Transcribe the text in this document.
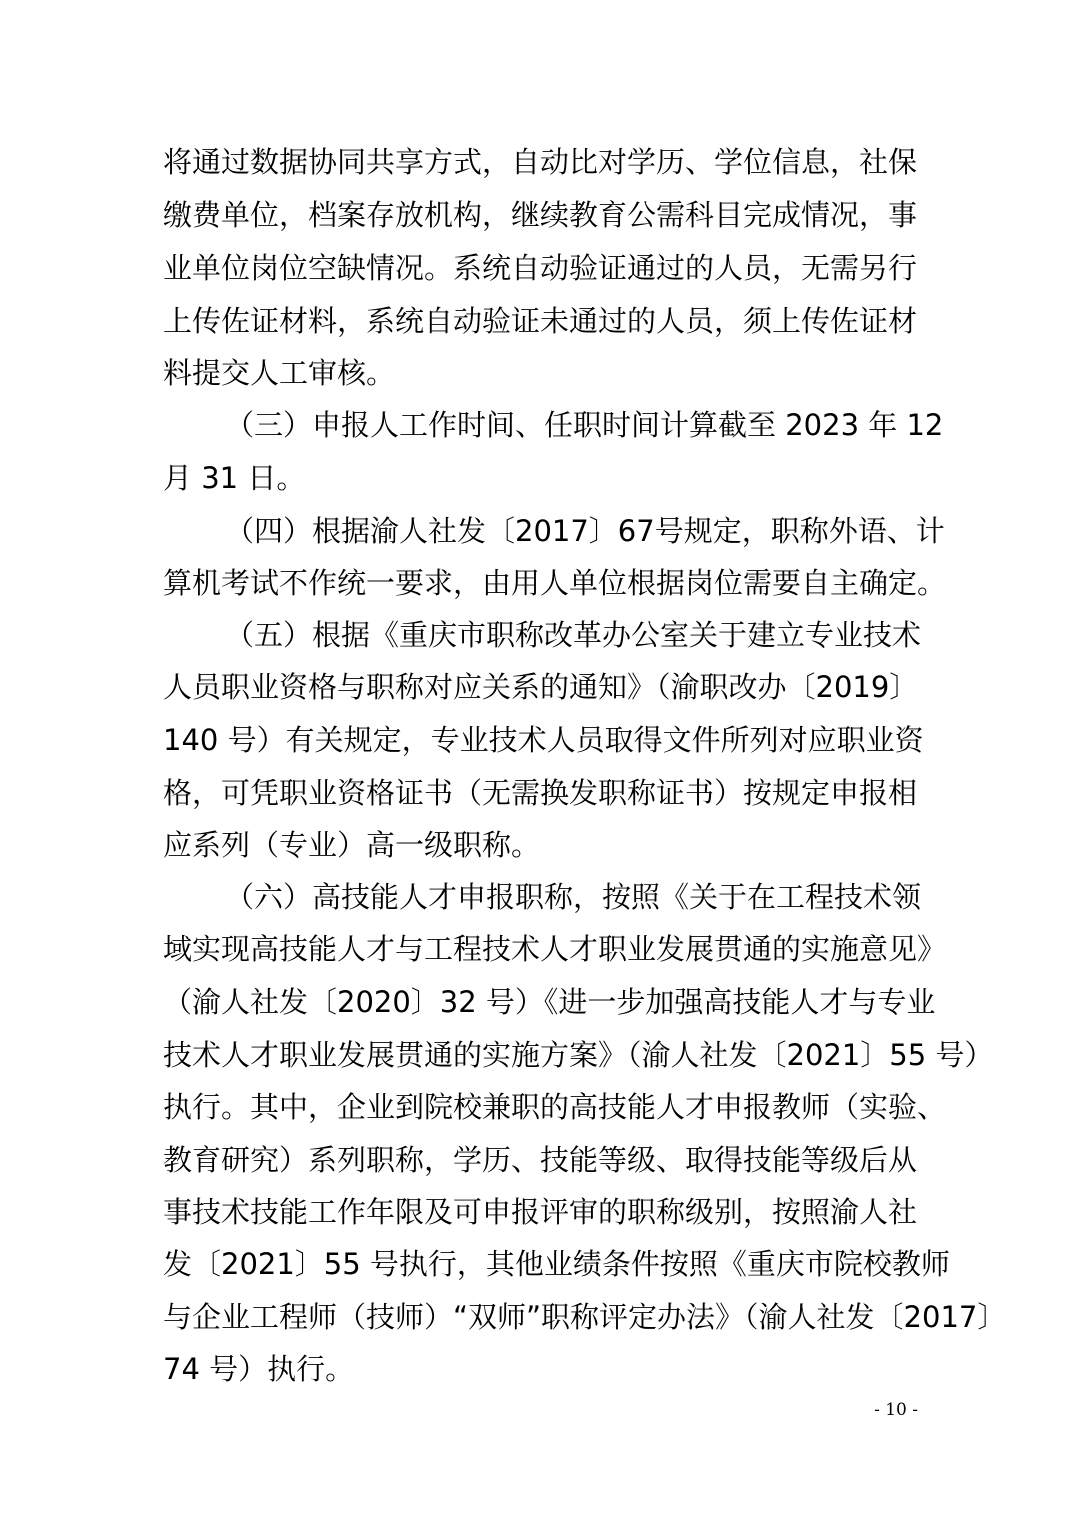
将通过数据协同共享方式，自动比对学历、学位信息，社保
缴费单位，档案存放机构，继续教育公需科目完成情况，事
业单位岗位空缺情况。系统自动验证通过的人员，无需另行
上传佐证材料，系统自动验证未通过的人员，须上传佐证材
料提交人工审核。
（三）申报人工作时间、任职时间计算截至 2023 年 12
月 31 日。
（四）根据渝人社发〔2017〕67号规定，职称外语、计
算机考试不作统一要求，由用人单位根据岗位需要自主确定。
（五）根据《重庆市职称改革办公室关于建立专业技术
人员职业资格与职称对应关系的通知》（渝职改办〔2019〕
140 号）有关规定，专业技术人员取得文件所列对应职业资
格，可凭职业资格证书（无需换发职称证书）按规定申报相
应系列（专业）高一级职称。
（六）高技能人才申报职称，按照《关于在工程技术领
域实现高技能人才与工程技术人才职业发展贯通的实施意见》
（渝人社发〔2020〕32 号）《进一步加强高技能人才与专业
技术人才职业发展贯通的实施方案》（渝人社发〔2021〕55 号）
执行。其中，企业到院校兼职的高技能人才申报教师（实验、
教育研究）系列职称，学历、技能等级、取得技能等级后从
事技术技能工作年限及可申报评审的职称级别，按照渝人社
发〔2021〕55 号执行，其他业绩条件按照《重庆市院校教师
与企业工程师（技师）“双师”职称评定办法》（渝人社发〔2017〕
74 号）执行。
- 10 -
